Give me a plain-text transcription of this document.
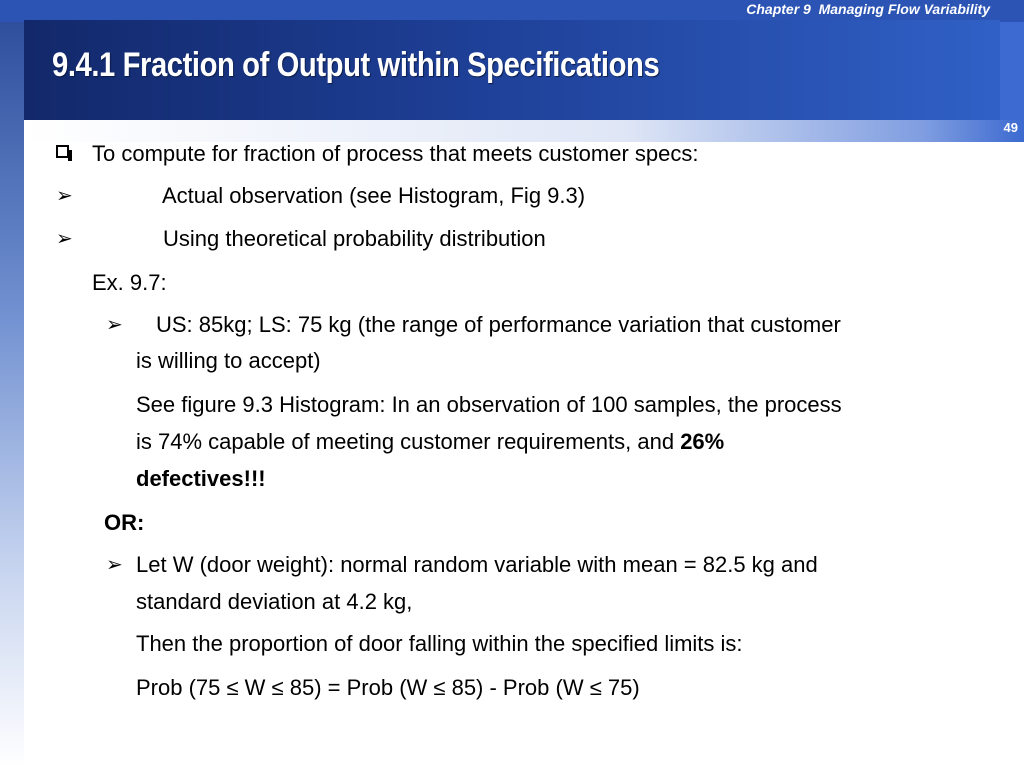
Chapter 9  Managing Flow Variability
9.4.1 Fraction of Output within Specifications
49
To compute for fraction of process that meets customer specs:
➢	Actual observation (see Histogram, Fig 9.3)
➢	Using theoretical probability distribution
Ex. 9.7:
➢ US: 85kg; LS: 75 kg (the range of performance variation that customer
is willing to accept)
See figure 9.3 Histogram: In an observation of 100 samples, the process
is 74% capable of meeting customer requirements, and 26%
defectives!!!
OR:
➢ Let W (door weight): normal random variable with mean = 82.5 kg and
standard deviation at 4.2 kg,
Then the proportion of door falling within the specified limits is:
Prob (75 ≤ W ≤ 85) = Prob (W ≤ 85) - Prob (W ≤ 75)
